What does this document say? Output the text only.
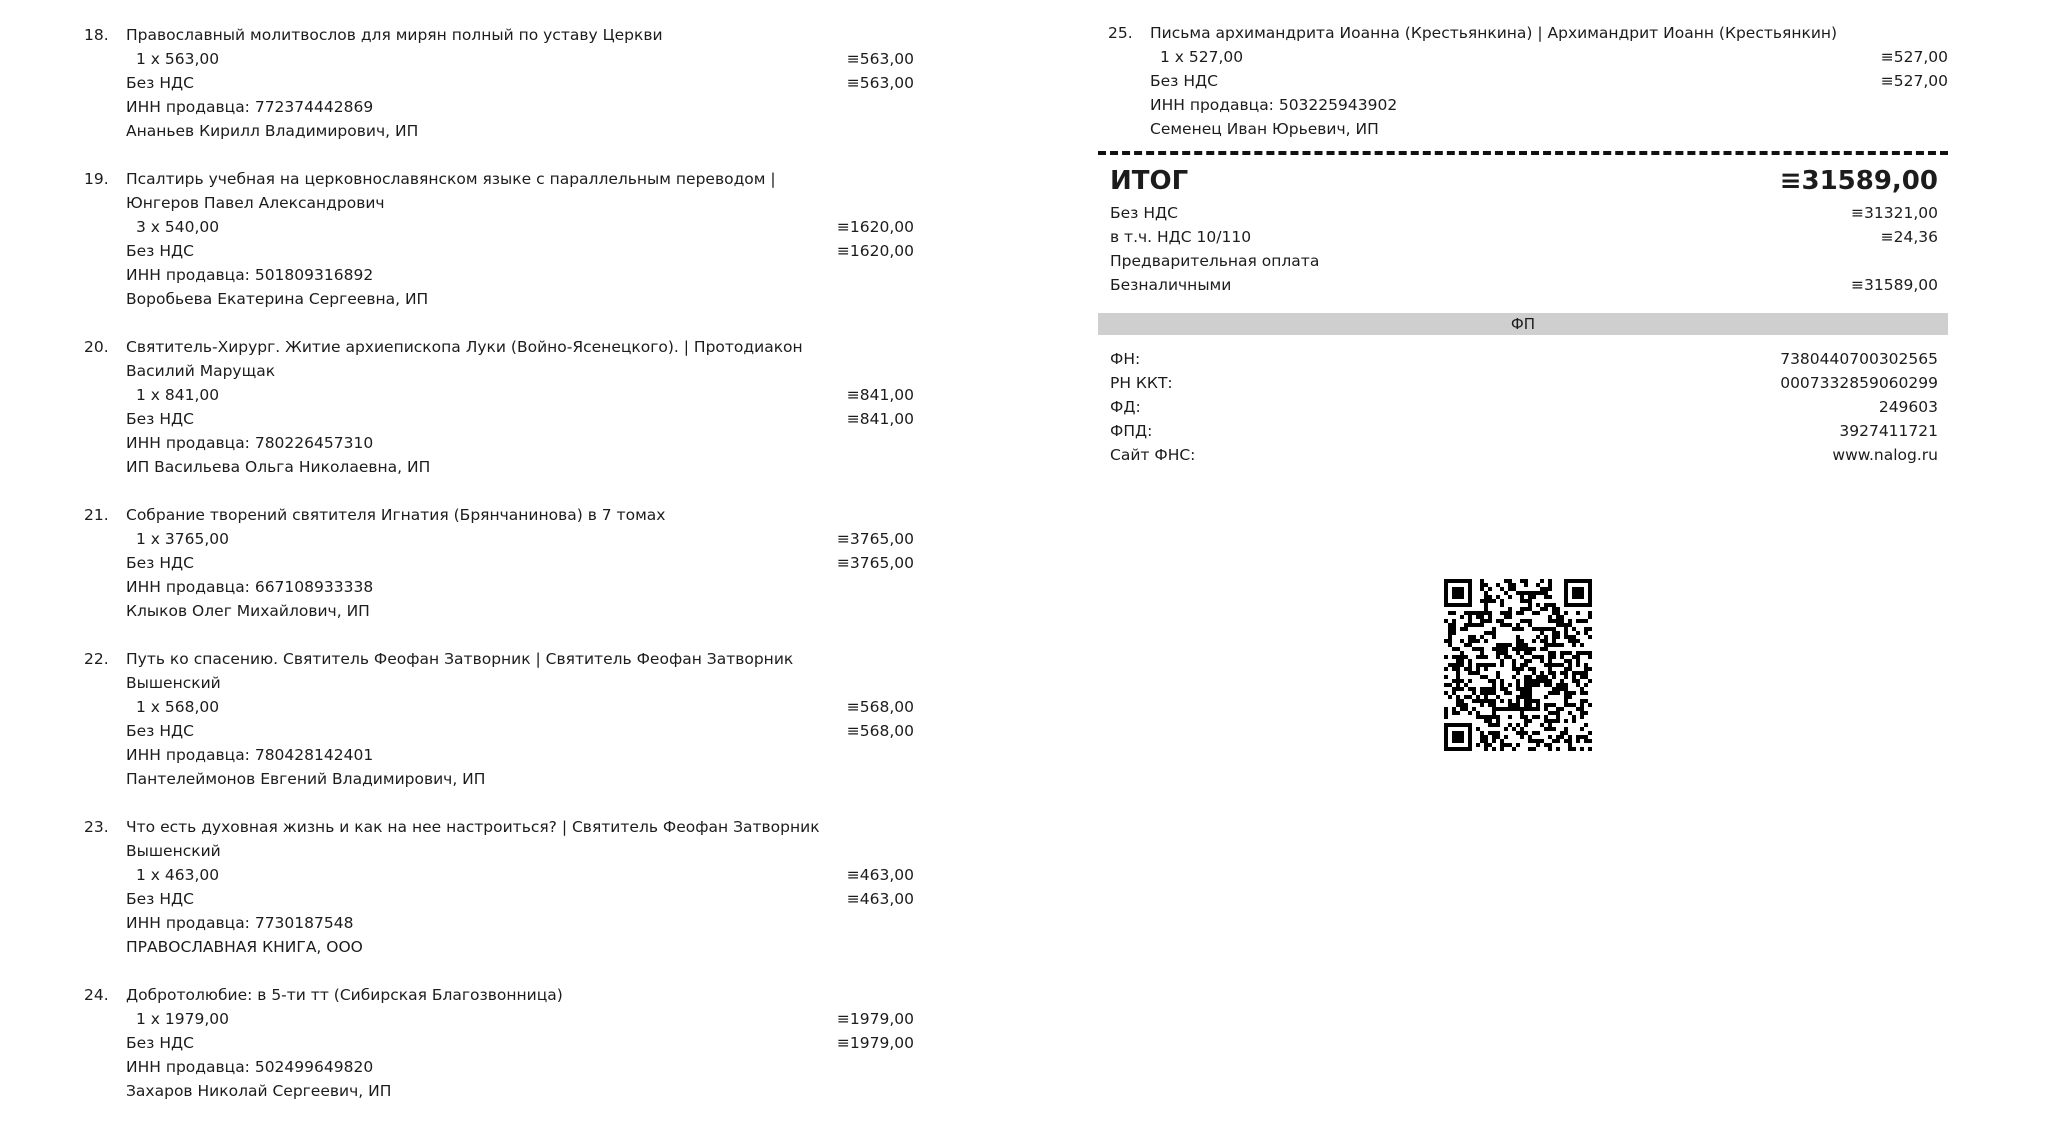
18.	Православный молитвослов для мирян полный по уставу Церкви
1 x 563,00	≡563,00
Без НДС	≡563,00
ИНН продавца: 772374442869
Ананьев Кирилл Владимирович, ИП
19.	Псалтирь учебная на церковнославянском языке с параллельным переводом | Юнгеров Павел Александрович
3 x 540,00	≡1620,00
Без НДС	≡1620,00
ИНН продавца: 501809316892
Воробьева Екатерина Сергеевна, ИП
20.	Святитель-Хирург. Житие архиепископа Луки (Войно-Ясенецкого). | Протодиакон Василий Марущак
1 x 841,00	≡841,00
Без НДС	≡841,00
ИНН продавца: 780226457310
ИП Васильева Ольга Николаевна, ИП
21.	Собрание творений святителя Игнатия (Брянчанинова) в 7 томах
1 x 3765,00	≡3765,00
Без НДС	≡3765,00
ИНН продавца: 667108933338
Клыков Олег Михайлович, ИП
22.	Путь ко спасению. Святитель Феофан Затворник | Святитель Феофан Затворник Вышенский
1 x 568,00	≡568,00
Без НДС	≡568,00
ИНН продавца: 780428142401
Пантелеймонов Евгений Владимирович, ИП
23.	Что есть духовная жизнь и как на нее настроиться? | Святитель Феофан Затворник Вышенский
1 x 463,00	≡463,00
Без НДС	≡463,00
ИНН продавца: 7730187548
ПРАВОСЛАВНАЯ КНИГА, ООО
24.	Добротолюбие: в 5-ти тт (Сибирская Благозвонница)
1 x 1979,00	≡1979,00
Без НДС	≡1979,00
ИНН продавца: 502499649820
Захаров Николай Сергеевич, ИП
25.	Письма архимандрита Иоанна (Крестьянкина) | Архимандрит Иоанн (Крестьянкин)
1 x 527,00	≡527,00
Без НДС	≡527,00
ИНН продавца: 503225943902
Семенец Иван Юрьевич, ИП
ИТОГ	≡31589,00
Без НДС	≡31321,00
в т.ч. НДС 10/110	≡24,36
Предварительная оплата
Безналичными	≡31589,00
ФП
ФН:	7380440700302565
РН ККТ:	0007332859060299
ФД:	249603
ФПД:	3927411721
Сайт ФНС:	www.nalog.ru
